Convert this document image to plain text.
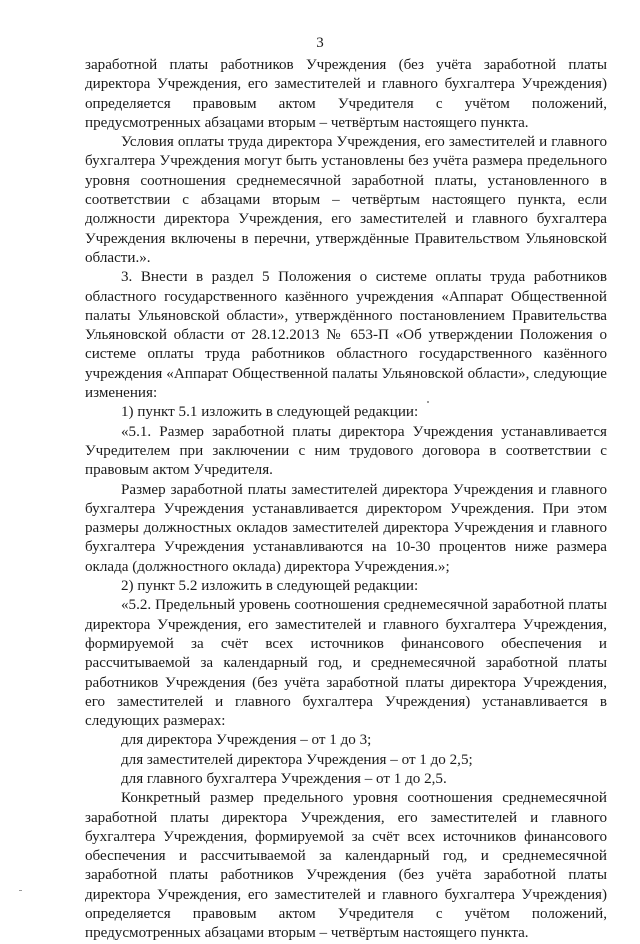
3

заработной платы работников Учреждения (без учёта заработной платы директора Учреждения, его заместителей и главного бухгалтера Учреждения) определяется правовым актом Учредителя с учётом положений, предусмотренных абзацами вторым – четвёртым настоящего пункта.

Условия оплаты труда директора Учреждения, его заместителей и главного бухгалтера Учреждения могут быть установлены без учёта размера предельного уровня соотношения среднемесячной заработной платы, установленного в соответствии с абзацами вторым – четвёртым настоящего пункта, если должности директора Учреждения, его заместителей и главного бухгалтера Учреждения включены в перечни, утверждённые Правительством Ульяновской области.».

3. Внести в раздел 5 Положения о системе оплаты труда работников областного государственного казённого учреждения «Аппарат Общественной палаты Ульяновской области», утверждённого постановлением Правительства Ульяновской области от 28.12.2013 № 653-П «Об утверждении Положения о системе оплаты труда работников областного государственного казённого учреждения «Аппарат Общественной палаты Ульяновской области», следующие изменения:

1) пункт 5.1 изложить в следующей редакции:

«5.1. Размер заработной платы директора Учреждения устанавливается Учредителем при заключении с ним трудового договора в соответствии с правовым актом Учредителя.

Размер заработной платы заместителей директора Учреждения и главного бухгалтера Учреждения устанавливается директором Учреждения. При этом размеры должностных окладов заместителей директора Учреждения и главного бухгалтера Учреждения устанавливаются на 10-30 процентов ниже размера оклада (должностного оклада) директора Учреждения.»;

2) пункт 5.2 изложить в следующей редакции:

«5.2. Предельный уровень соотношения среднемесячной заработной платы директора Учреждения, его заместителей и главного бухгалтера Учреждения, формируемой за счёт всех источников финансового обеспечения и рассчитываемой за календарный год, и среднемесячной заработной платы работников Учреждения (без учёта заработной платы директора Учреждения, его заместителей и главного бухгалтера Учреждения) устанавливается в следующих размерах:

для директора Учреждения – от 1 до 3;

для заместителей директора Учреждения – от 1 до 2,5;

для главного бухгалтера Учреждения – от 1 до 2,5.

Конкретный размер предельного уровня соотношения среднемесячной заработной платы директора Учреждения, его заместителей и главного бухгалтера Учреждения, формируемой за счёт всех источников финансового обеспечения и рассчитываемой за календарный год, и среднемесячной заработной платы работников Учреждения (без учёта заработной платы директора Учреждения, его заместителей и главного бухгалтера Учреждения) определяется правовым актом Учредителя с учётом положений, предусмотренных абзацами вторым – четвёртым настоящего пункта.
